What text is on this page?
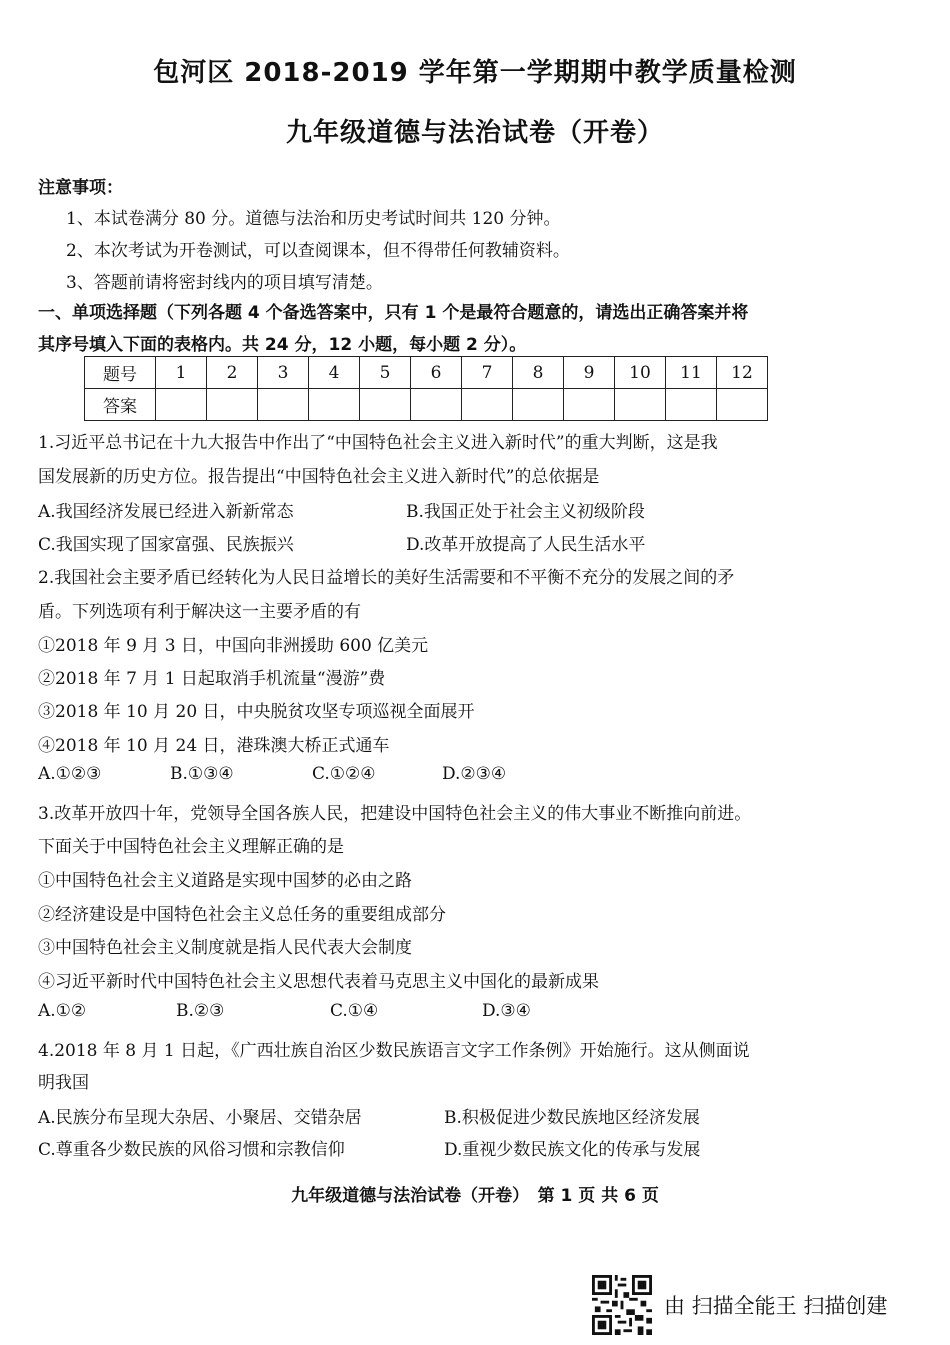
包河区 2018-2019 学年第一学期期中教学质量检测
九年级道德与法治试卷（开卷）
注意事项：
1、本试卷满分 80 分。道德与法治和历史考试时间共 120 分钟。
2、本次考试为开卷测试，可以查阅课本，但不得带任何教辅资料。
3、答题前请将密封线内的项目填写清楚。
一、单项选择题（下列各题 4 个备选答案中，只有 1 个是最符合题意的，请选出正确答案并将
其序号填入下面的表格内。共 24 分，12 小题，每小题 2 分）。
题号	1	2	3	4	5	6	7	8	9	10	11	12
答案												
1.习近平总书记在十九大报告中作出了“中国特色社会主义进入新时代”的重大判断，这是我
国发展新的历史方位。报告提出“中国特色社会主义进入新时代”的总依据是
A.我国经济发展已经进入新新常态	B.我国正处于社会主义初级阶段
C.我国实现了国家富强、民族振兴	D.改革开放提高了人民生活水平
2.我国社会主要矛盾已经转化为人民日益增长的美好生活需要和不平衡不充分的发展之间的矛
盾。下列选项有利于解决这一主要矛盾的有
①2018 年 9 月 3 日，中国向非洲援助 600 亿美元
②2018 年 7 月 1 日起取消手机流量“漫游”费
③2018 年 10 月 20 日，中央脱贫攻坚专项巡视全面展开
④2018 年 10 月 24 日，港珠澳大桥正式通车
A.①②③	B.①③④	C.①②④	D.②③④
3.改革开放四十年，党领导全国各族人民，把建设中国特色社会主义的伟大事业不断推向前进。
下面关于中国特色社会主义理解正确的是
①中国特色社会主义道路是实现中国梦的必由之路
②经济建设是中国特色社会主义总任务的重要组成部分
③中国特色社会主义制度就是指人民代表大会制度
④习近平新时代中国特色社会主义思想代表着马克思主义中国化的最新成果
A.①②	B.②③	C.①④	D.③④
4.2018 年 8 月 1 日起，《广西壮族自治区少数民族语言文字工作条例》开始施行。这从侧面说
明我国
A.民族分布呈现大杂居、小聚居、交错杂居	B.积极促进少数民族地区经济发展
C.尊重各少数民族的风俗习惯和宗教信仰	D.重视少数民族文化的传承与发展
九年级道德与法治试卷（开卷）　第 1 页 共 6 页
由 扫描全能王 扫描创建
